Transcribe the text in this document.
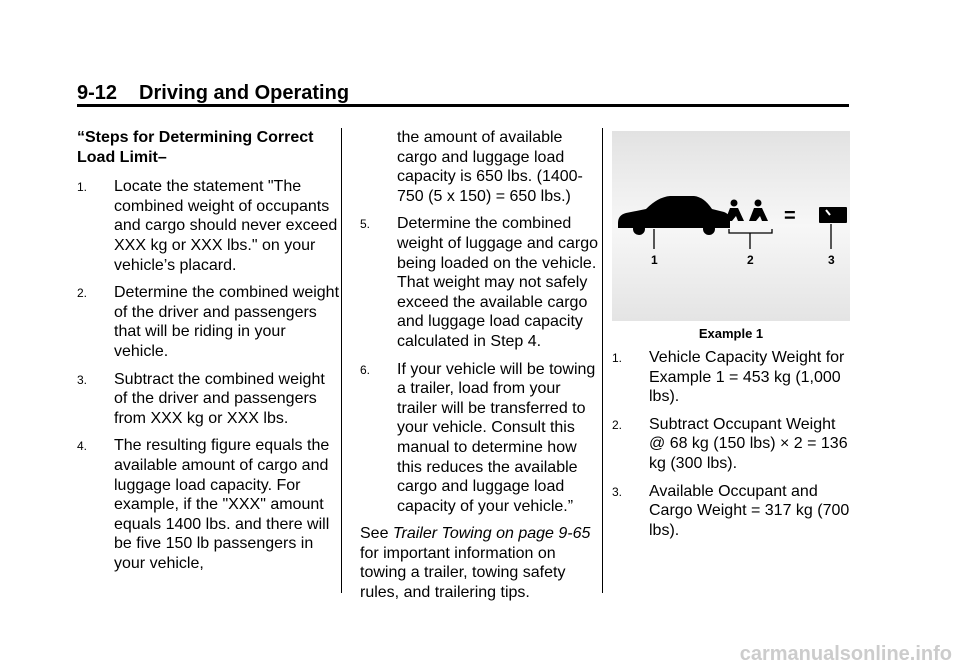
9-12 Driving and Operating
“Steps for Determining Correct Load Limit–
1. Locate the statement "The combined weight of occupants and cargo should never exceed XXX kg or XXX lbs." on your vehicle’s placard.
2. Determine the combined weight of the driver and passengers that will be riding in your vehicle.
3. Subtract the combined weight of the driver and passengers from XXX kg or XXX lbs.
4. The resulting figure equals the available amount of cargo and luggage load capacity. For example, if the "XXX" amount equals 1400 lbs. and there will be five 150 lb passengers in your vehicle,
the amount of available cargo and luggage load capacity is 650 lbs. (1400-750 (5 x 150) = 650 lbs.)
5. Determine the combined weight of luggage and cargo being loaded on the vehicle. That weight may not safely exceed the available cargo and luggage load capacity calculated in Step 4.
6. If your vehicle will be towing a trailer, load from your trailer will be transferred to your vehicle. Consult this manual to determine how this reduces the available cargo and luggage load capacity of your vehicle.”
See Trailer Towing on page 9-65 for important information on towing a trailer, towing safety rules, and trailering tips.
–	=
1	2	3
Example 1
1. Vehicle Capacity Weight for Example 1 = 453 kg (1,000 lbs).
2. Subtract Occupant Weight @ 68 kg (150 lbs) × 2 = 136 kg (300 lbs).
3. Available Occupant and Cargo Weight = 317 kg (700 lbs).
carmanualsonline.info
